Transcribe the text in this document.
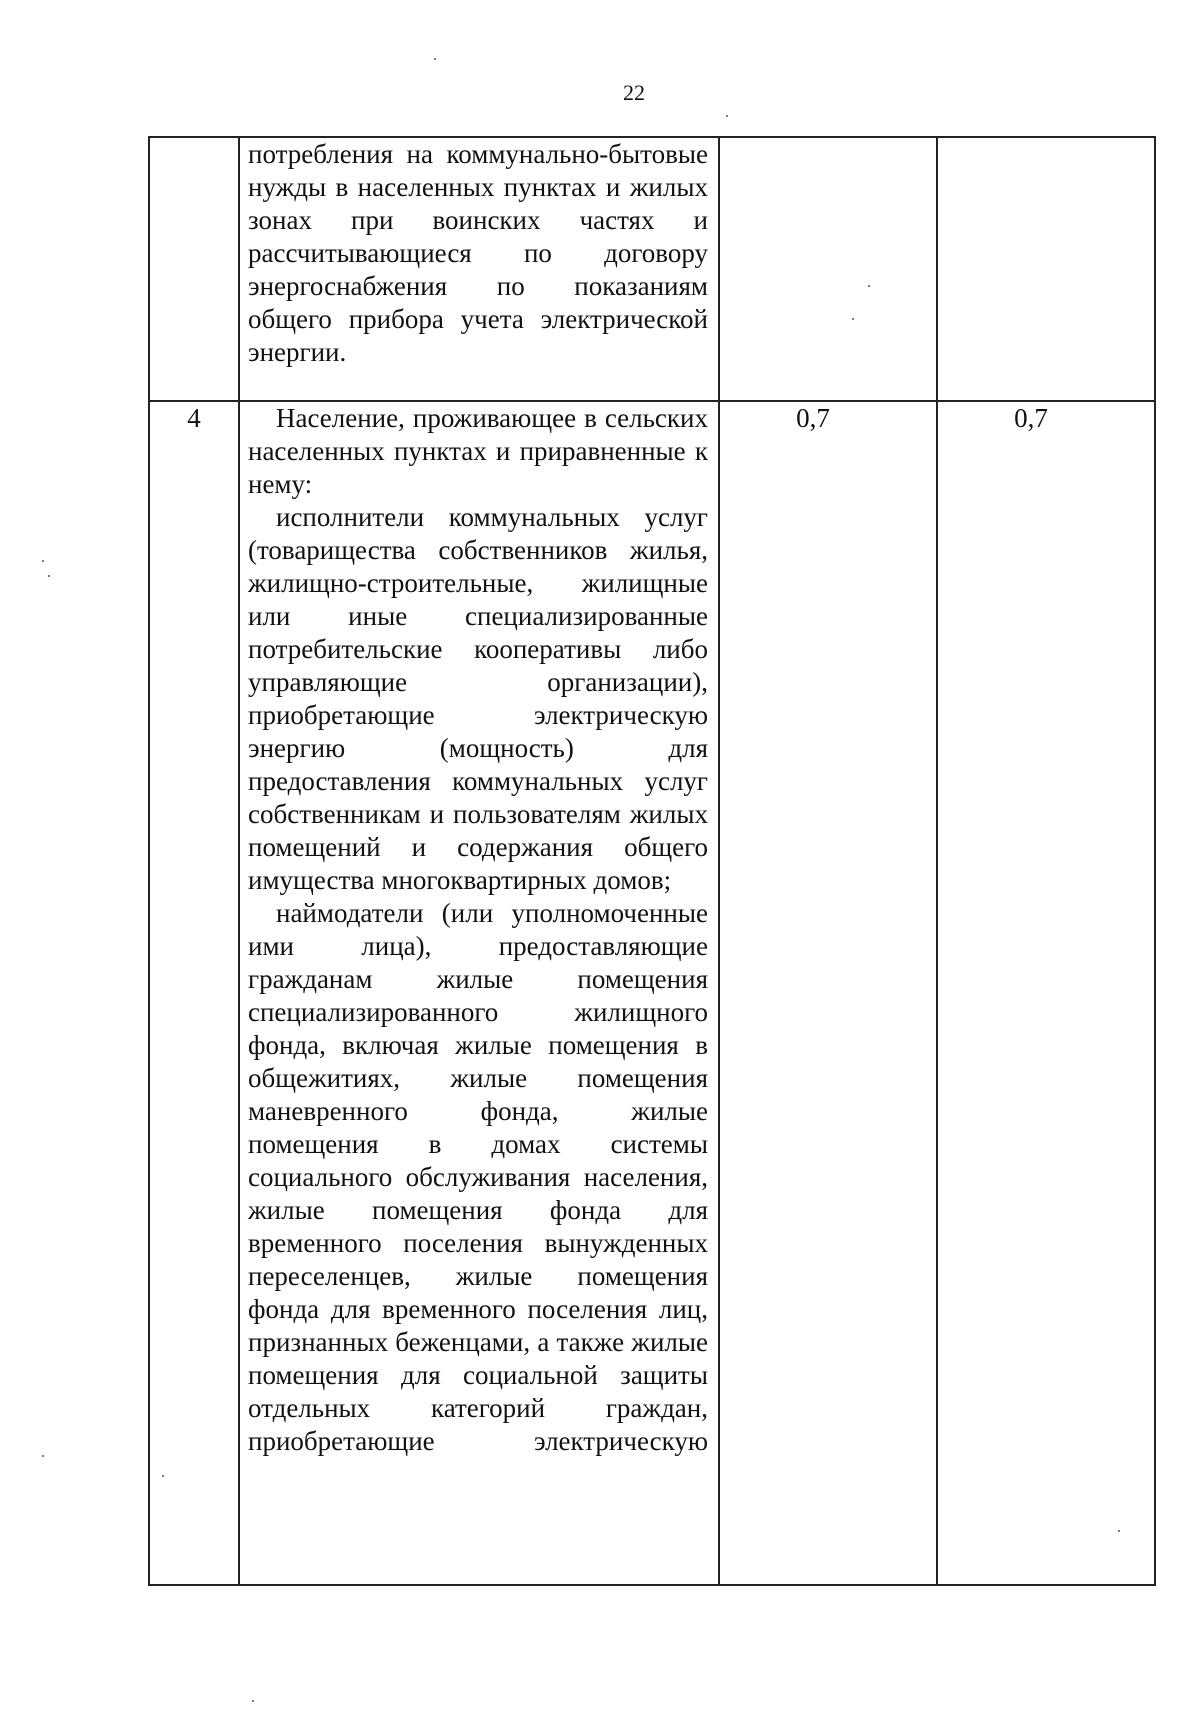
22

	потребления на коммунально-бытовые нужды в населенных пунктах и жилых зонах при воинских частях и рассчитывающиеся по договору энергоснабжения по показаниям общего прибора учета электрической энергии.		

4	Население, проживающее в сельских населенных пунктах и приравненные к нему:

исполнители коммунальных услуг (товарищества собственников жилья, жилищно-строительные, жилищные или иные специализированные потребительские кооперативы либо управляющие организации), приобретающие электрическую энергию (мощность) для предоставления коммунальных услуг собственникам и пользователям жилых помещений и содержания общего имущества многоквартирных домов;

наймодатели (или уполномоченные ими лица), предоставляющие гражданам жилые помещения специализированного жилищного фонда, включая жилые помещения в общежитиях, жилые помещения маневренного фонда, жилые помещения в домах системы социального обслуживания населения, жилые помещения фонда для временного поселения вынужденных переселенцев, жилые помещения фонда для временного поселения лиц, признанных беженцами, а также жилые помещения для социальной защиты отдельных категорий граждан, приобретающие электрическую	0,7	0,7
